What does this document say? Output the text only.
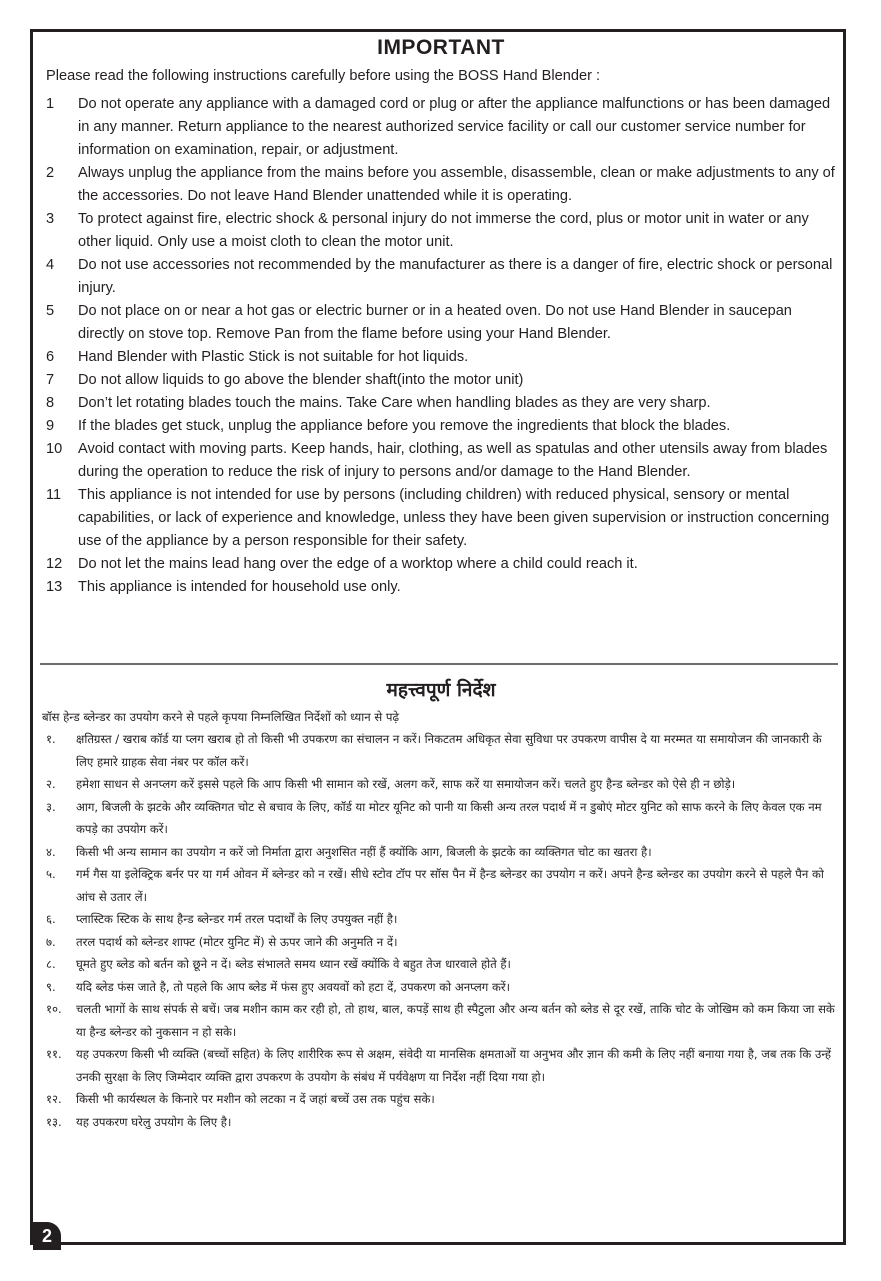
IMPORTANT

Please read the following instructions carefully before using the BOSS Hand Blender :

1	Do not operate any appliance with a damaged cord or plug or after the appliance malfunctions or has been damaged in any manner. Return appliance to the nearest authorized service facility or call our customer service number for information on examination, repair, or adjustment.
2	Always unplug the appliance from the mains before you assemble, disassemble, clean or make adjustments to any of the accessories. Do not leave Hand Blender unattended while it is operating.
3	To protect against fire, electric shock & personal injury do not immerse the cord, plus or motor unit in water or any other liquid. Only use a moist cloth to clean the motor unit.
4	Do not use accessories not recommended by the manufacturer as there is a danger of fire, electric shock or personal injury.
5	Do not place on or near a hot gas or electric burner or in a heated oven. Do not use Hand Blender in saucepan directly on stove top. Remove Pan from the flame before using your Hand Blender.
6	Hand Blender with Plastic Stick is not suitable for hot liquids.
7	Do not allow liquids to go above the blender shaft(into the motor unit)
8	Don’t let rotating blades touch the mains. Take Care when handling blades as they are very sharp.
9	If the blades get stuck, unplug the appliance before you remove the ingredients that block the blades.
10	Avoid contact with moving parts. Keep hands, hair, clothing, as well as spatulas and other utensils away from blades during the operation to reduce the risk of injury to persons and/or damage to the Hand Blender.
11	This appliance is not intended for use by persons (including children) with reduced physical, sensory or mental capabilities, or lack of experience and knowledge, unless they have been given supervision or instruction concerning use of the appliance by a person responsible for their safety.
12	Do not let the mains lead hang over the edge of a worktop where a child could reach it.
13	This appliance is intended for household use only.
महत्त्वपूर्ण निर्देश

बॉस हेन्ड ब्लेन्डर का उपयोग करने से पहले कृपया निम्नलिखित निर्देशों को ध्यान से पढ़े

१.	क्षतिग्रस्त / खराब कॉर्ड या प्लग खराब हो तो किसी भी उपकरण का संचालन न करें। निकटतम अधिकृत सेवा सुविधा पर उपकरण वापीस दे या मरम्मत या समायोजन की जानकारी के लिए हमारे ग्राहक सेवा नंबर पर कॉल करें।
२.	हमेशा साधन से अनप्लग करें इससे पहले कि आप किसी भी सामान को रखें, अलग करें, साफ करें या समायोजन करें। चलते हुए हैन्ड ब्लेन्डर को ऐसे ही न छोड़े।
३.	आग, बिजली के झटके और व्यक्तिगत चोट से बचाव के लिए, कॉर्ड या मोटर यूनिट को पानी या किसी अन्य तरल पदार्थ में न डुबोएं मोटर युनिट को साफ करने के लिए केवल एक नम कपड़े का उपयोग करें।
४.	किसी भी अन्य सामान का उपयोग न करें जो निर्माता द्वारा अनुशसित नहीं हैं क्योंकि आग, बिजली के झटके का व्यक्तिगत चोट का खतरा है।
५.	गर्म गैस या इलेक्ट्रिक बर्नर पर या गर्म ओवन में ब्लेन्डर को न रखें। सीधे स्टोव टॉप पर सॉस पैन में हैन्ड ब्लेन्डर का उपयोग न करें। अपने हैन्ड ब्लेन्डर का उपयोग करने से पहले पैन को आंच से उतार लें।
६.	प्लास्टिक स्टिक के साथ हैन्ड ब्लेन्डर गर्म तरल पदार्थों के लिए उपयुक्त नहीं है।
७.	तरल पदार्थ को ब्लेन्डर शाफ्ट (मोटर युनिट में) से ऊपर जाने की अनुमति न दें।
८.	घूमते हुए ब्लेड को बर्तन को छूने न दें। ब्लेड संभालते समय ध्यान रखें क्योंकि वे बहुत तेज धारवाले होते हैं।
९.	यदि ब्लेड फंस जाते है, तो पहले कि आप ब्लेड में फंस हुए अवयवों को हटा दें, उपकरण को अनप्लग करें।
१०.	चलती भागों के साथ संपर्क से बचें। जब मशीन काम कर रही हो, तो हाथ, बाल, कपड़ें साथ ही स्पैटुला और अन्य बर्तन को ब्लेड से दूर रखें, ताकि चोट के जोखिम को कम किया जा सके या हैन्ड ब्लेन्डर को नुकसान न हो सके।
११.	यह उपकरण किसी भी व्यक्ति (बच्चों सहित) के लिए शारीरिक रूप से अक्षम, संवेदी या मानसिक क्षमताओं या अनुभव और ज्ञान की कमी के लिए नहीं बनाया गया है, जब तक कि उन्हें उनकी सुरक्षा के लिए जिम्मेदार व्यक्ति द्वारा उपकरण के उपयोग के संबंध में पर्यवेक्षण या निर्देश नहीं दिया गया हो।
१२.	किसी भी कार्यस्थल के किनारे पर मशीन को लटका न दें जहां बच्चें उस तक पहुंच सके।
१३.	यह उपकरण घरेलु उपयोग के लिए है।
2
